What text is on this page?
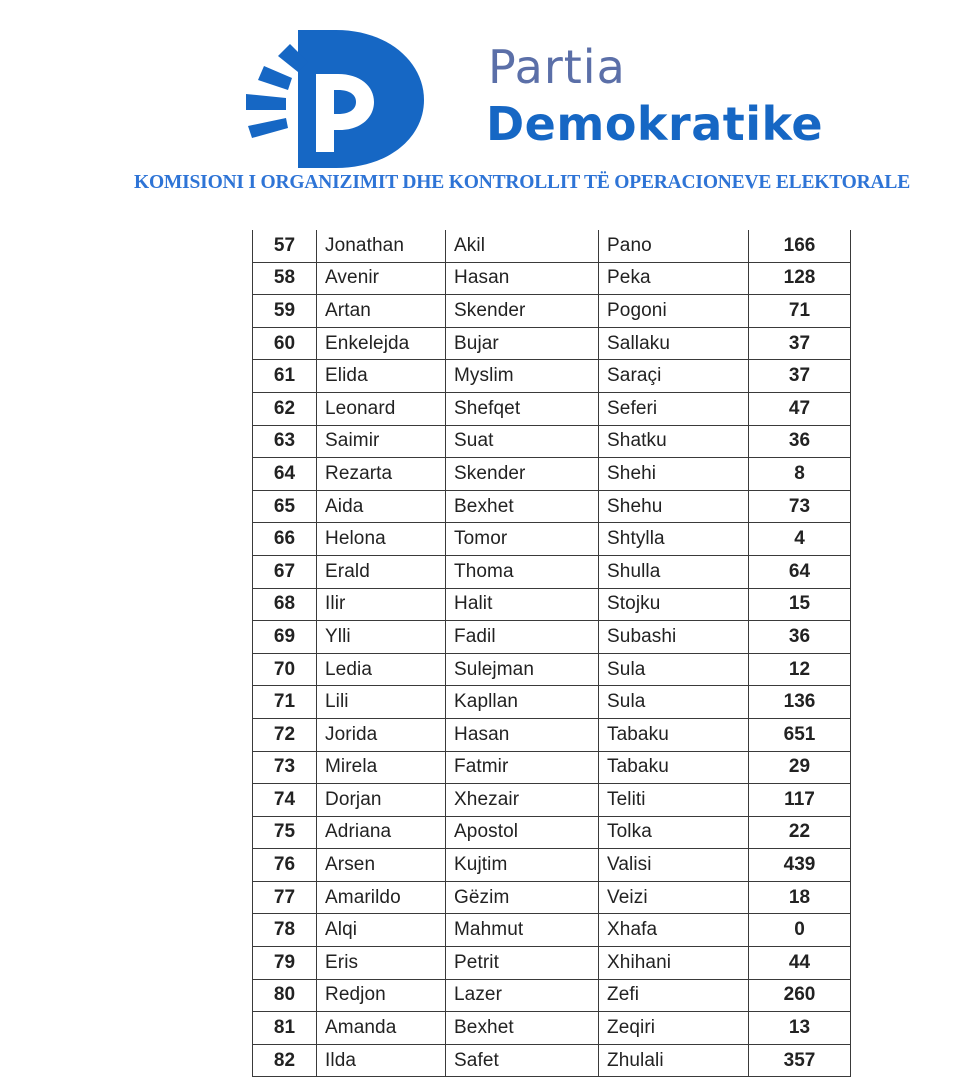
Partia
Demokratike
KOMISIONI I ORGANIZIMIT DHE KONTROLLIT TË OPERACIONEVE ELEKTORALE
57	Jonathan	Akil	Pano	166
58	Avenir	Hasan	Peka	128
59	Artan	Skender	Pogoni	71
60	Enkelejda	Bujar	Sallaku	37
61	Elida	Myslim	Saraçi	37
62	Leonard	Shefqet	Seferi	47
63	Saimir	Suat	Shatku	36
64	Rezarta	Skender	Shehi	8
65	Aida	Bexhet	Shehu	73
66	Helona	Tomor	Shtylla	4
67	Erald	Thoma	Shulla	64
68	Ilir	Halit	Stojku	15
69	Ylli	Fadil	Subashi	36
70	Ledia	Sulejman	Sula	12
71	Lili	Kapllan	Sula	136
72	Jorida	Hasan	Tabaku	651
73	Mirela	Fatmir	Tabaku	29
74	Dorjan	Xhezair	Teliti	117
75	Adriana	Apostol	Tolka	22
76	Arsen	Kujtim	Valisi	439
77	Amarildo	Gëzim	Veizi	18
78	Alqi	Mahmut	Xhafa	0
79	Eris	Petrit	Xhihani	44
80	Redjon	Lazer	Zefi	260
81	Amanda	Bexhet	Zeqiri	13
82	Ilda	Safet	Zhulali	357
